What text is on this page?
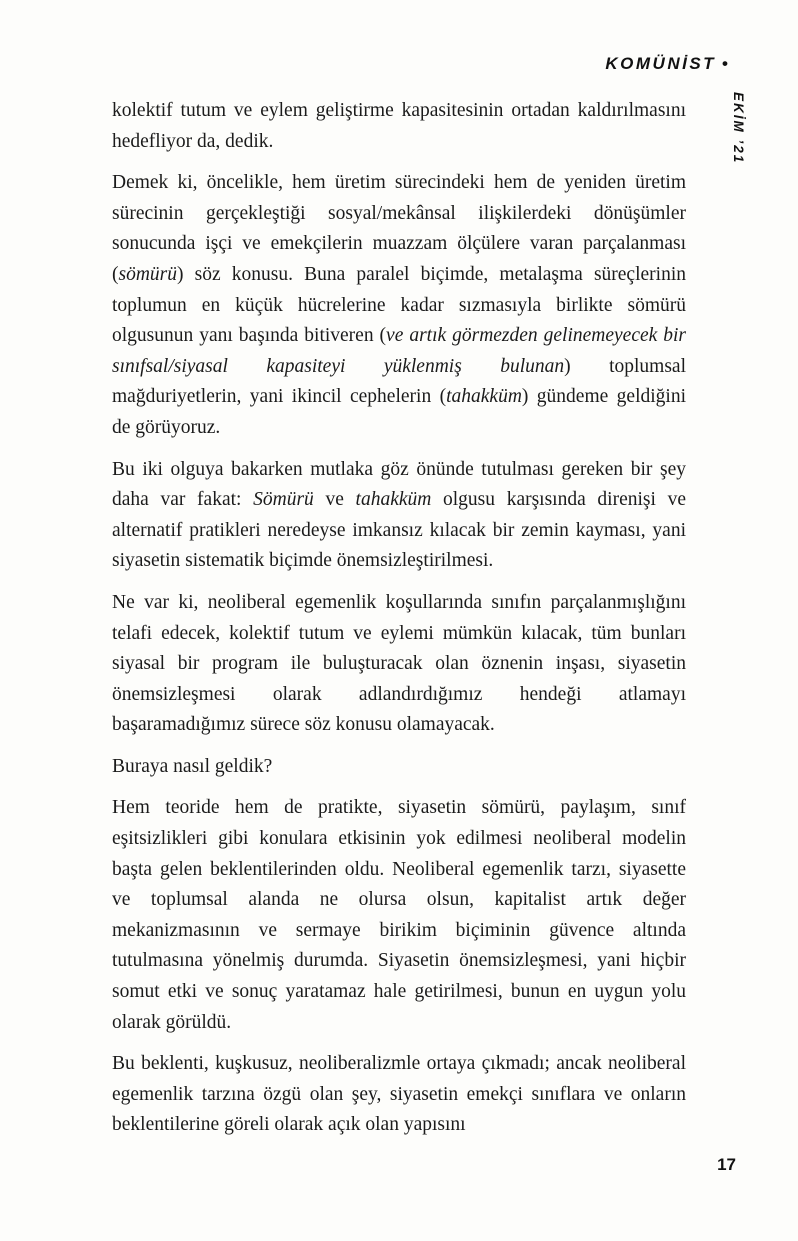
KOMÜNİST •
EKİM ’21

kolektif tutum ve eylem geliştirme kapasitesinin ortadan kaldırılmasını hedefliyor da, dedik.

Demek ki, öncelikle, hem üretim sürecindeki hem de yeniden üretim sürecinin gerçekleştiği sosyal/mekânsal ilişkilerdeki dönüşümler sonucunda işçi ve emekçilerin muazzam ölçülere varan parçalanması (sömürü) söz konusu. Buna paralel biçimde, metalaşma süreçlerinin toplumun en küçük hücrelerine kadar sızmasıyla birlikte sömürü olgusunun yanı başında bitiveren (ve artık görmezden gelinemeyecek bir sınıfsal/siyasal kapasiteyi yüklenmiş bulunan) toplumsal mağduriyetlerin, yani ikincil cephelerin (tahakküm) gündeme geldiğini de görüyoruz.

Bu iki olguya bakarken mutlaka göz önünde tutulması gereken bir şey daha var fakat: Sömürü ve tahakküm olgusu karşısında direnişi ve alternatif pratikleri neredeyse imkansız kılacak bir zemin kayması, yani siyasetin sistematik biçimde önemsizleştirilmesi.

Ne var ki, neoliberal egemenlik koşullarında sınıfın parçalanmışlığını telafi edecek, kolektif tutum ve eylemi mümkün kılacak, tüm bunları siyasal bir program ile buluşturacak olan öznenin inşası, siyasetin önemsizleşmesi olarak adlandırdığımız hendeği atlamayı başaramadığımız sürece söz konusu olamayacak.

Buraya nasıl geldik?

Hem teoride hem de pratikte, siyasetin sömürü, paylaşım, sınıf eşitsizlikleri gibi konulara etkisinin yok edilmesi neoliberal modelin başta gelen beklentilerinden oldu. Neoliberal egemenlik tarzı, siyasette ve toplumsal alanda ne olursa olsun, kapitalist artık değer mekanizmasının ve sermaye birikim biçiminin güvence altında tutulmasına yönelmiş durumda. Siyasetin önemsizleşmesi, yani hiçbir somut etki ve sonuç yaratamaz hale getirilmesi, bunun en uygun yolu olarak görüldü.

Bu beklenti, kuşkusuz, neoliberalizmle ortaya çıkmadı; ancak neoliberal egemenlik tarzına özgü olan şey, siyasetin emekçi sınıflara ve onların beklentilerine göreli olarak açık olan yapısını

17
